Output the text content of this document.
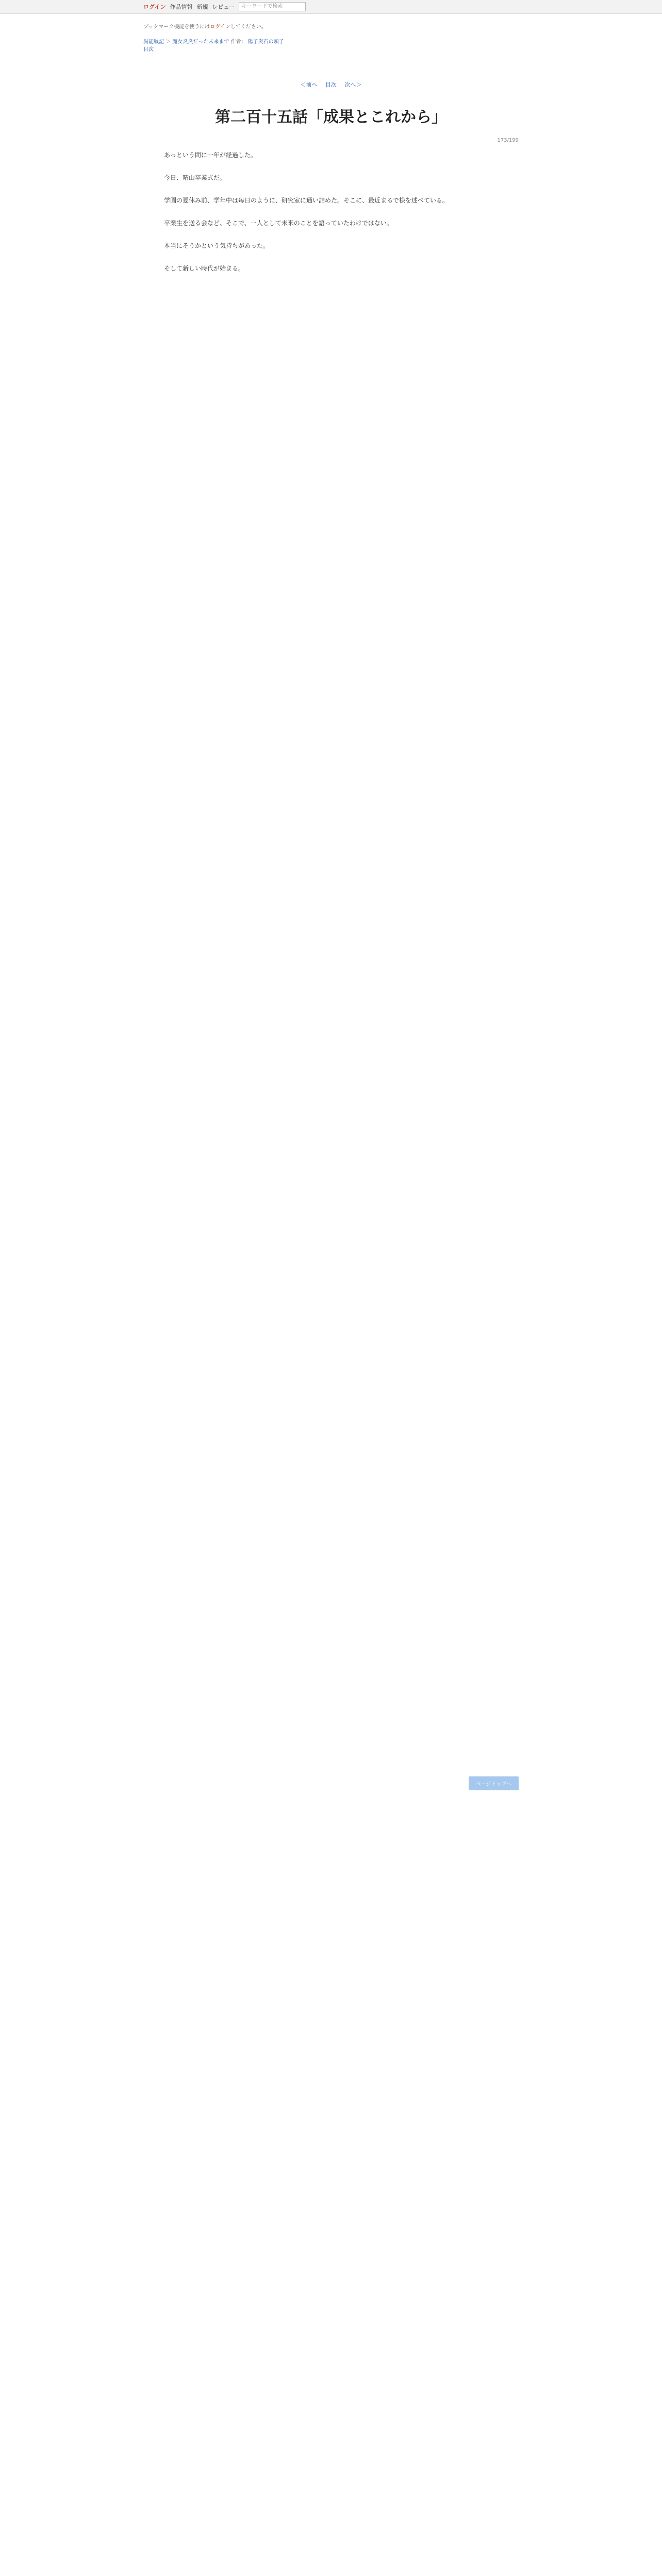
ログイン 作品情報 新規 レビュー	キーワードで検索
ブックマーク機能を使うにはログインしてください。
異能戦記 ＞ 魔女炎炎だった未来まで 作者： 陽子炎石の頭子
目次
＜前へ 目次 次へ＞
173/199
第二百十五話「成果とこれから」

あっという間に一年が経過した。

今日、晴山卒業式だ。

学園の夏休み前、学年中は毎日のように、研究室に通い詰めた。そこに、最近まるで様を述べている。

卒業生を送る会など、そこで、一人として未来のことを語っていたわけではない。

本当にそうかという気持ちがあった。

そして新しい時代が始まる。

ページトップへ
